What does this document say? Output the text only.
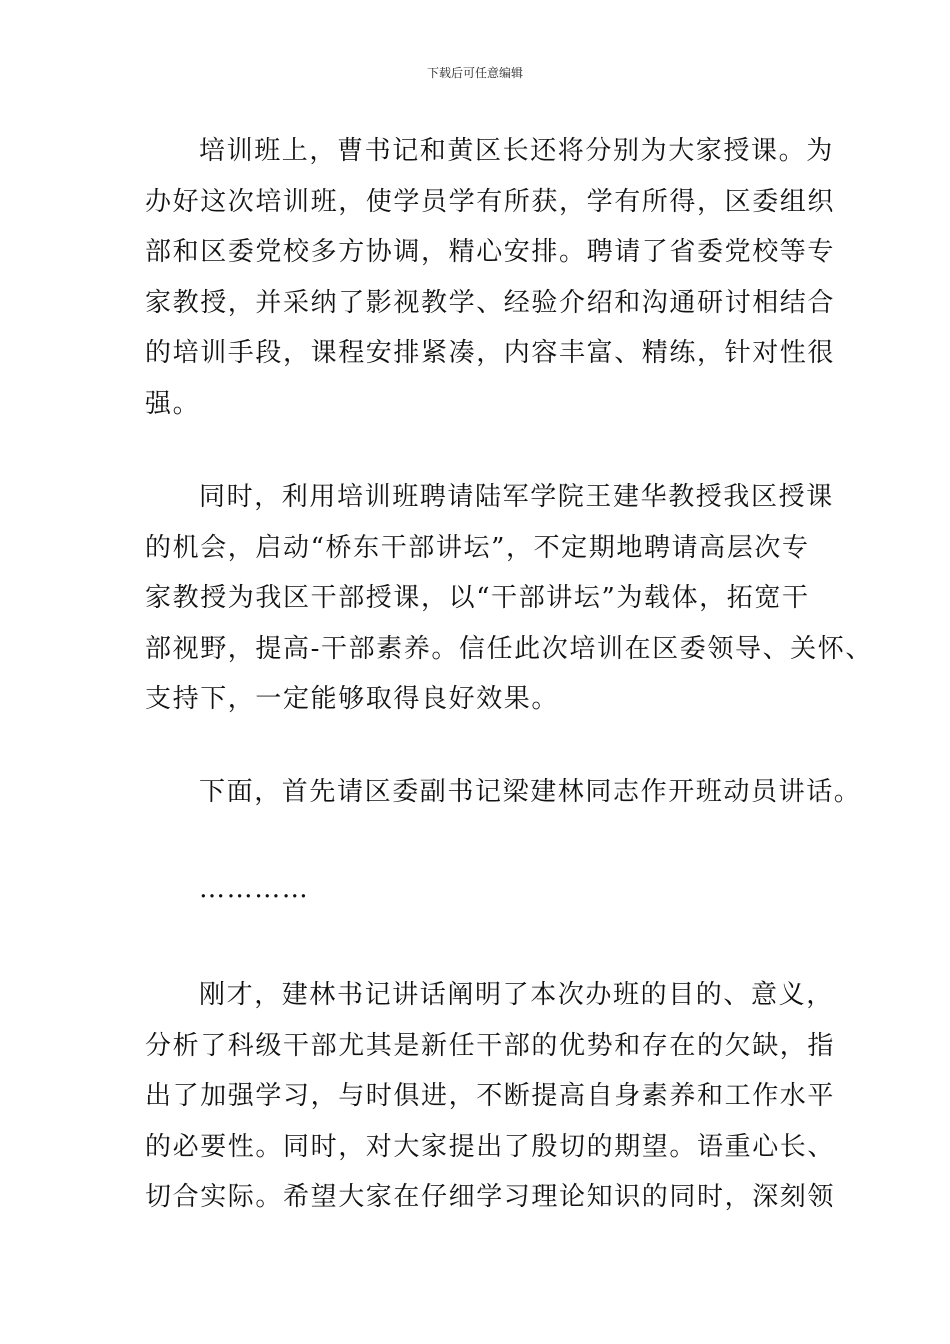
下载后可任意编辑
培训班上，曹书记和黄区长还将分别为大家授课。为
办好这次培训班，使学员学有所获，学有所得，区委组织
部和区委党校多方协调，精心安排。聘请了省委党校等专
家教授，并采纳了影视教学、经验介绍和沟通研讨相结合
的培训手段，课程安排紧凑，内容丰富、精练，针对性很
强。
同时，利用培训班聘请陆军学院王建华教授我区授课
的机会，启动“桥东干部讲坛”，不定期地聘请高层次专
家教授为我区干部授课，以“干部讲坛”为载体，拓宽干
部视野，提高-干部素养。信任此次培训在区委领导、关怀、
支持下，一定能够取得良好效果。
下面，首先请区委副书记梁建林同志作开班动员讲话。
…………
刚才，建林书记讲话阐明了本次办班的目的、意义，
分析了科级干部尤其是新任干部的优势和存在的欠缺，指
出了加强学习，与时俱进，不断提高自身素养和工作水平
的必要性。同时，对大家提出了殷切的期望。语重心长、
切合实际。希望大家在仔细学习理论知识的同时，深刻领
